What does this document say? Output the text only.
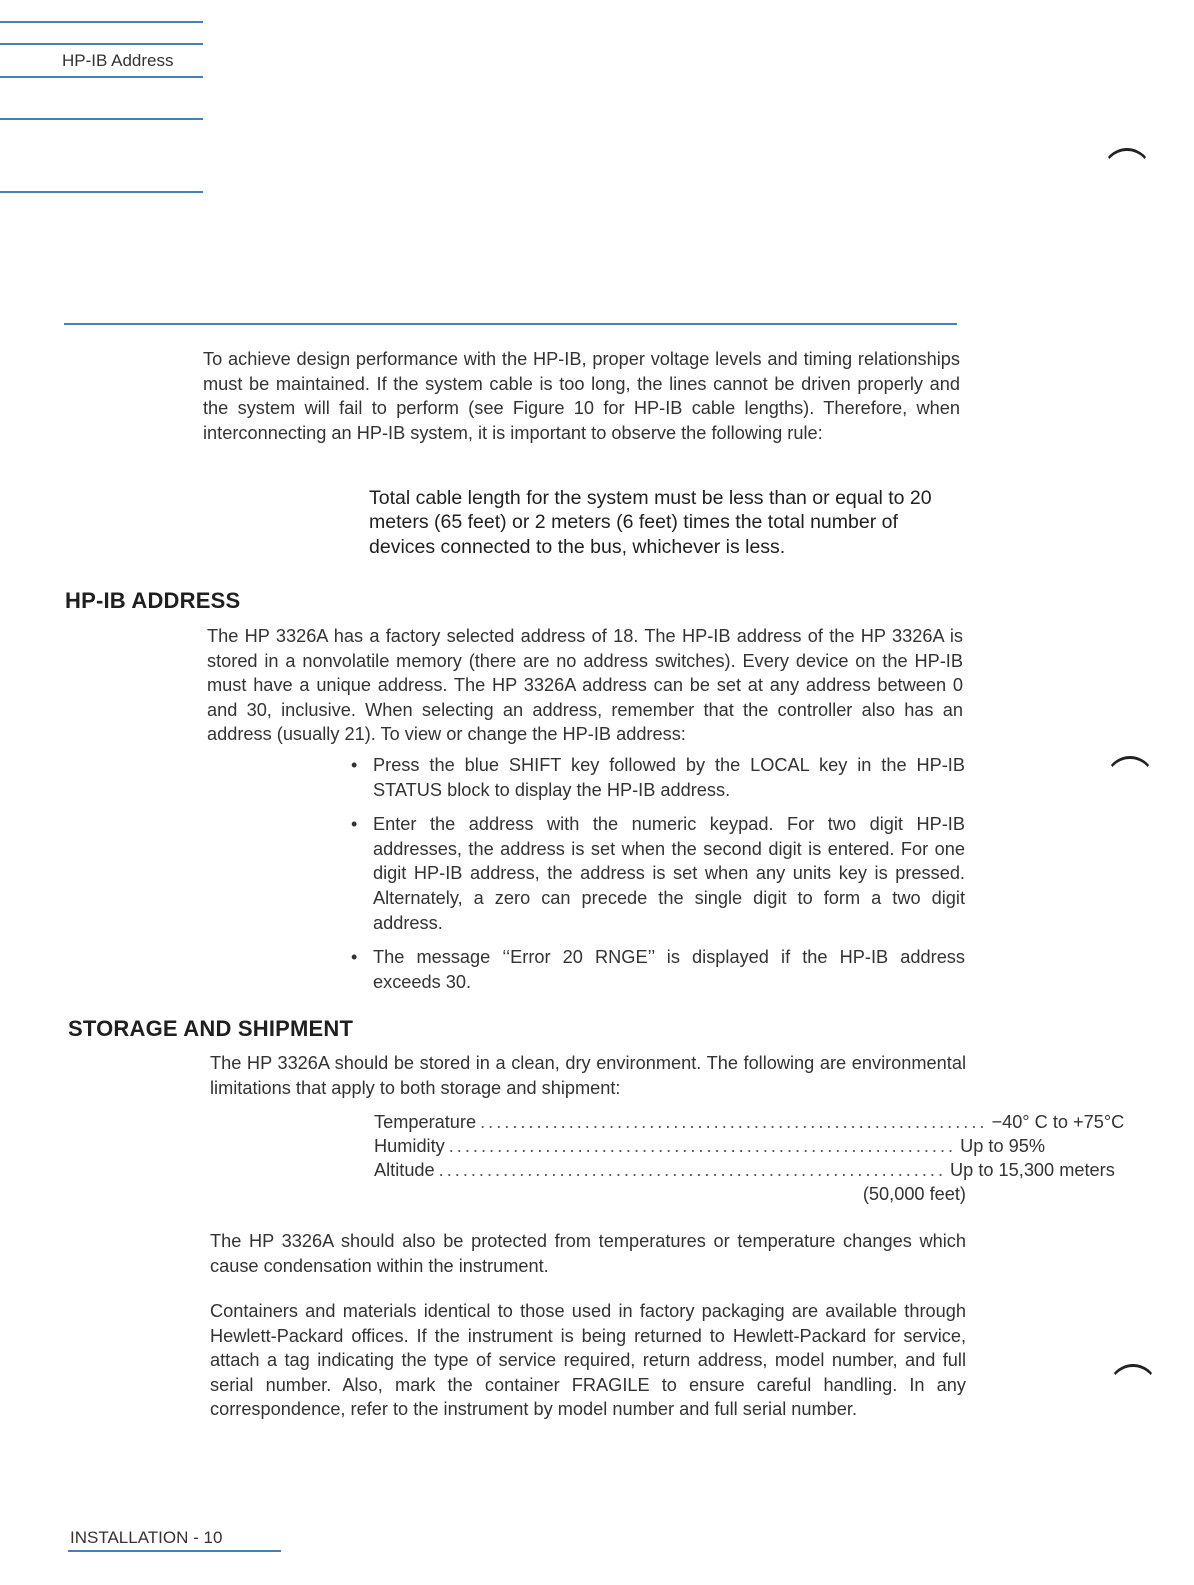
HP-IB Address

To achieve design performance with the HP-IB, proper voltage levels and timing relationships must be maintained. If the system cable is too long, the lines cannot be driven properly and the system will fail to perform (see Figure 10 for HP-IB cable lengths). Therefore, when interconnecting an HP-IB system, it is important to observe the following rule:

Total cable length for the system must be less than or equal to 20 meters (65 feet) or 2 meters (6 feet) times the total number of devices connected to the bus, whichever is less.

HP-IB ADDRESS

The HP 3326A has a factory selected address of 18. The HP-IB address of the HP 3326A is stored in a nonvolatile memory (there are no address switches). Every device on the HP-IB must have a unique address. The HP 3326A address can be set at any address between 0 and 30, inclusive. When selecting an address, remember that the controller also has an address (usually 21). To view or change the HP-IB address:

• Press the blue SHIFT key followed by the LOCAL key in the HP-IB STATUS block to display the HP-IB address.
• Enter the address with the numeric keypad. For two digit HP-IB addresses, the address is set when the second digit is entered. For one digit HP-IB address, the address is set when any units key is pressed. Alternately, a zero can precede the single digit to form a two digit address.
• The message ‘‘Error 20 RNGE’’ is displayed if the HP-IB address exceeds 30.
STORAGE AND SHIPMENT

The HP 3326A should be stored in a clean, dry environment. The following are environmental limitations that apply to both storage and shipment:

Temperature ............................................................... −40° C to +75°C
Humidity ............................................................... Up to 95%
Altitude ............................................................... Up to 15,300 meters
(50,000 feet)

The HP 3326A should also be protected from temperatures or temperature changes which cause condensation within the instrument.

Containers and materials identical to those used in factory packaging are available through Hewlett-Packard offices. If the instrument is being returned to Hewlett-Packard for service, attach a tag indicating the type of service required, return address, model number, and full serial number. Also, mark the container FRAGILE to ensure careful handling. In any correspondence, refer to the instrument by model number and full serial number.

INSTALLATION - 10
